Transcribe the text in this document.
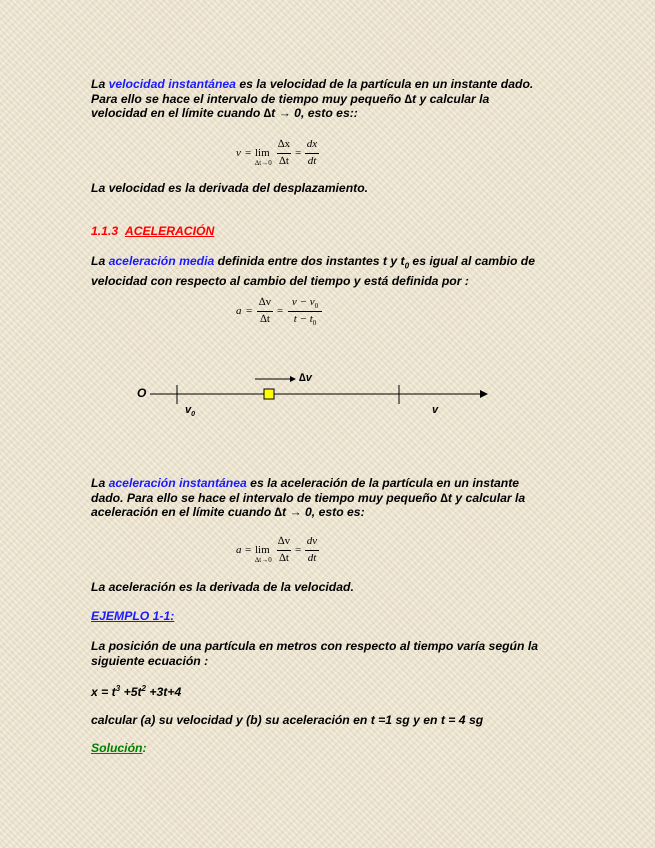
La velocidad instantánea es la velocidad de la partícula en un instante dado.
Para ello se hace el intervalo de tiempo muy pequeño ∆t y calcular la
velocidad en el límite cuando ∆t → 0, esto es::
v = lim
∆t→0
∆x
∆t
=
dx
dt
La velocidad es la derivada del desplazamiento.
1.1.3 ACELERACIÓN
La aceleración media definida entre dos instantes t y $t_0$ es igual al cambio de
velocidad con respecto al cambio del tiempo y está definida por :
a =
∆v
∆t
=
$v - v_0$
$t - t_0$
O
∆v
$v_0$	v
La aceleración instantánea es la aceleración de la partícula en un instante
dado. Para ello se hace el intervalo de tiempo muy pequeño ∆t y calcular la
aceleración en el límite cuando ∆t → 0, esto es:
a = lim
∆t→0
∆v
∆t
=
dv
dt
La aceleración es la derivada de la velocidad.
EJEMPLO 1-1:
La posición de una partícula en metros con respecto al tiempo varía según la
siguiente ecuación :
$x = t^3 +5t^2 +3t+4$
calcular (a) su velocidad y (b) su aceleración en t =1 sg y en t = 4 sg
Solución:
